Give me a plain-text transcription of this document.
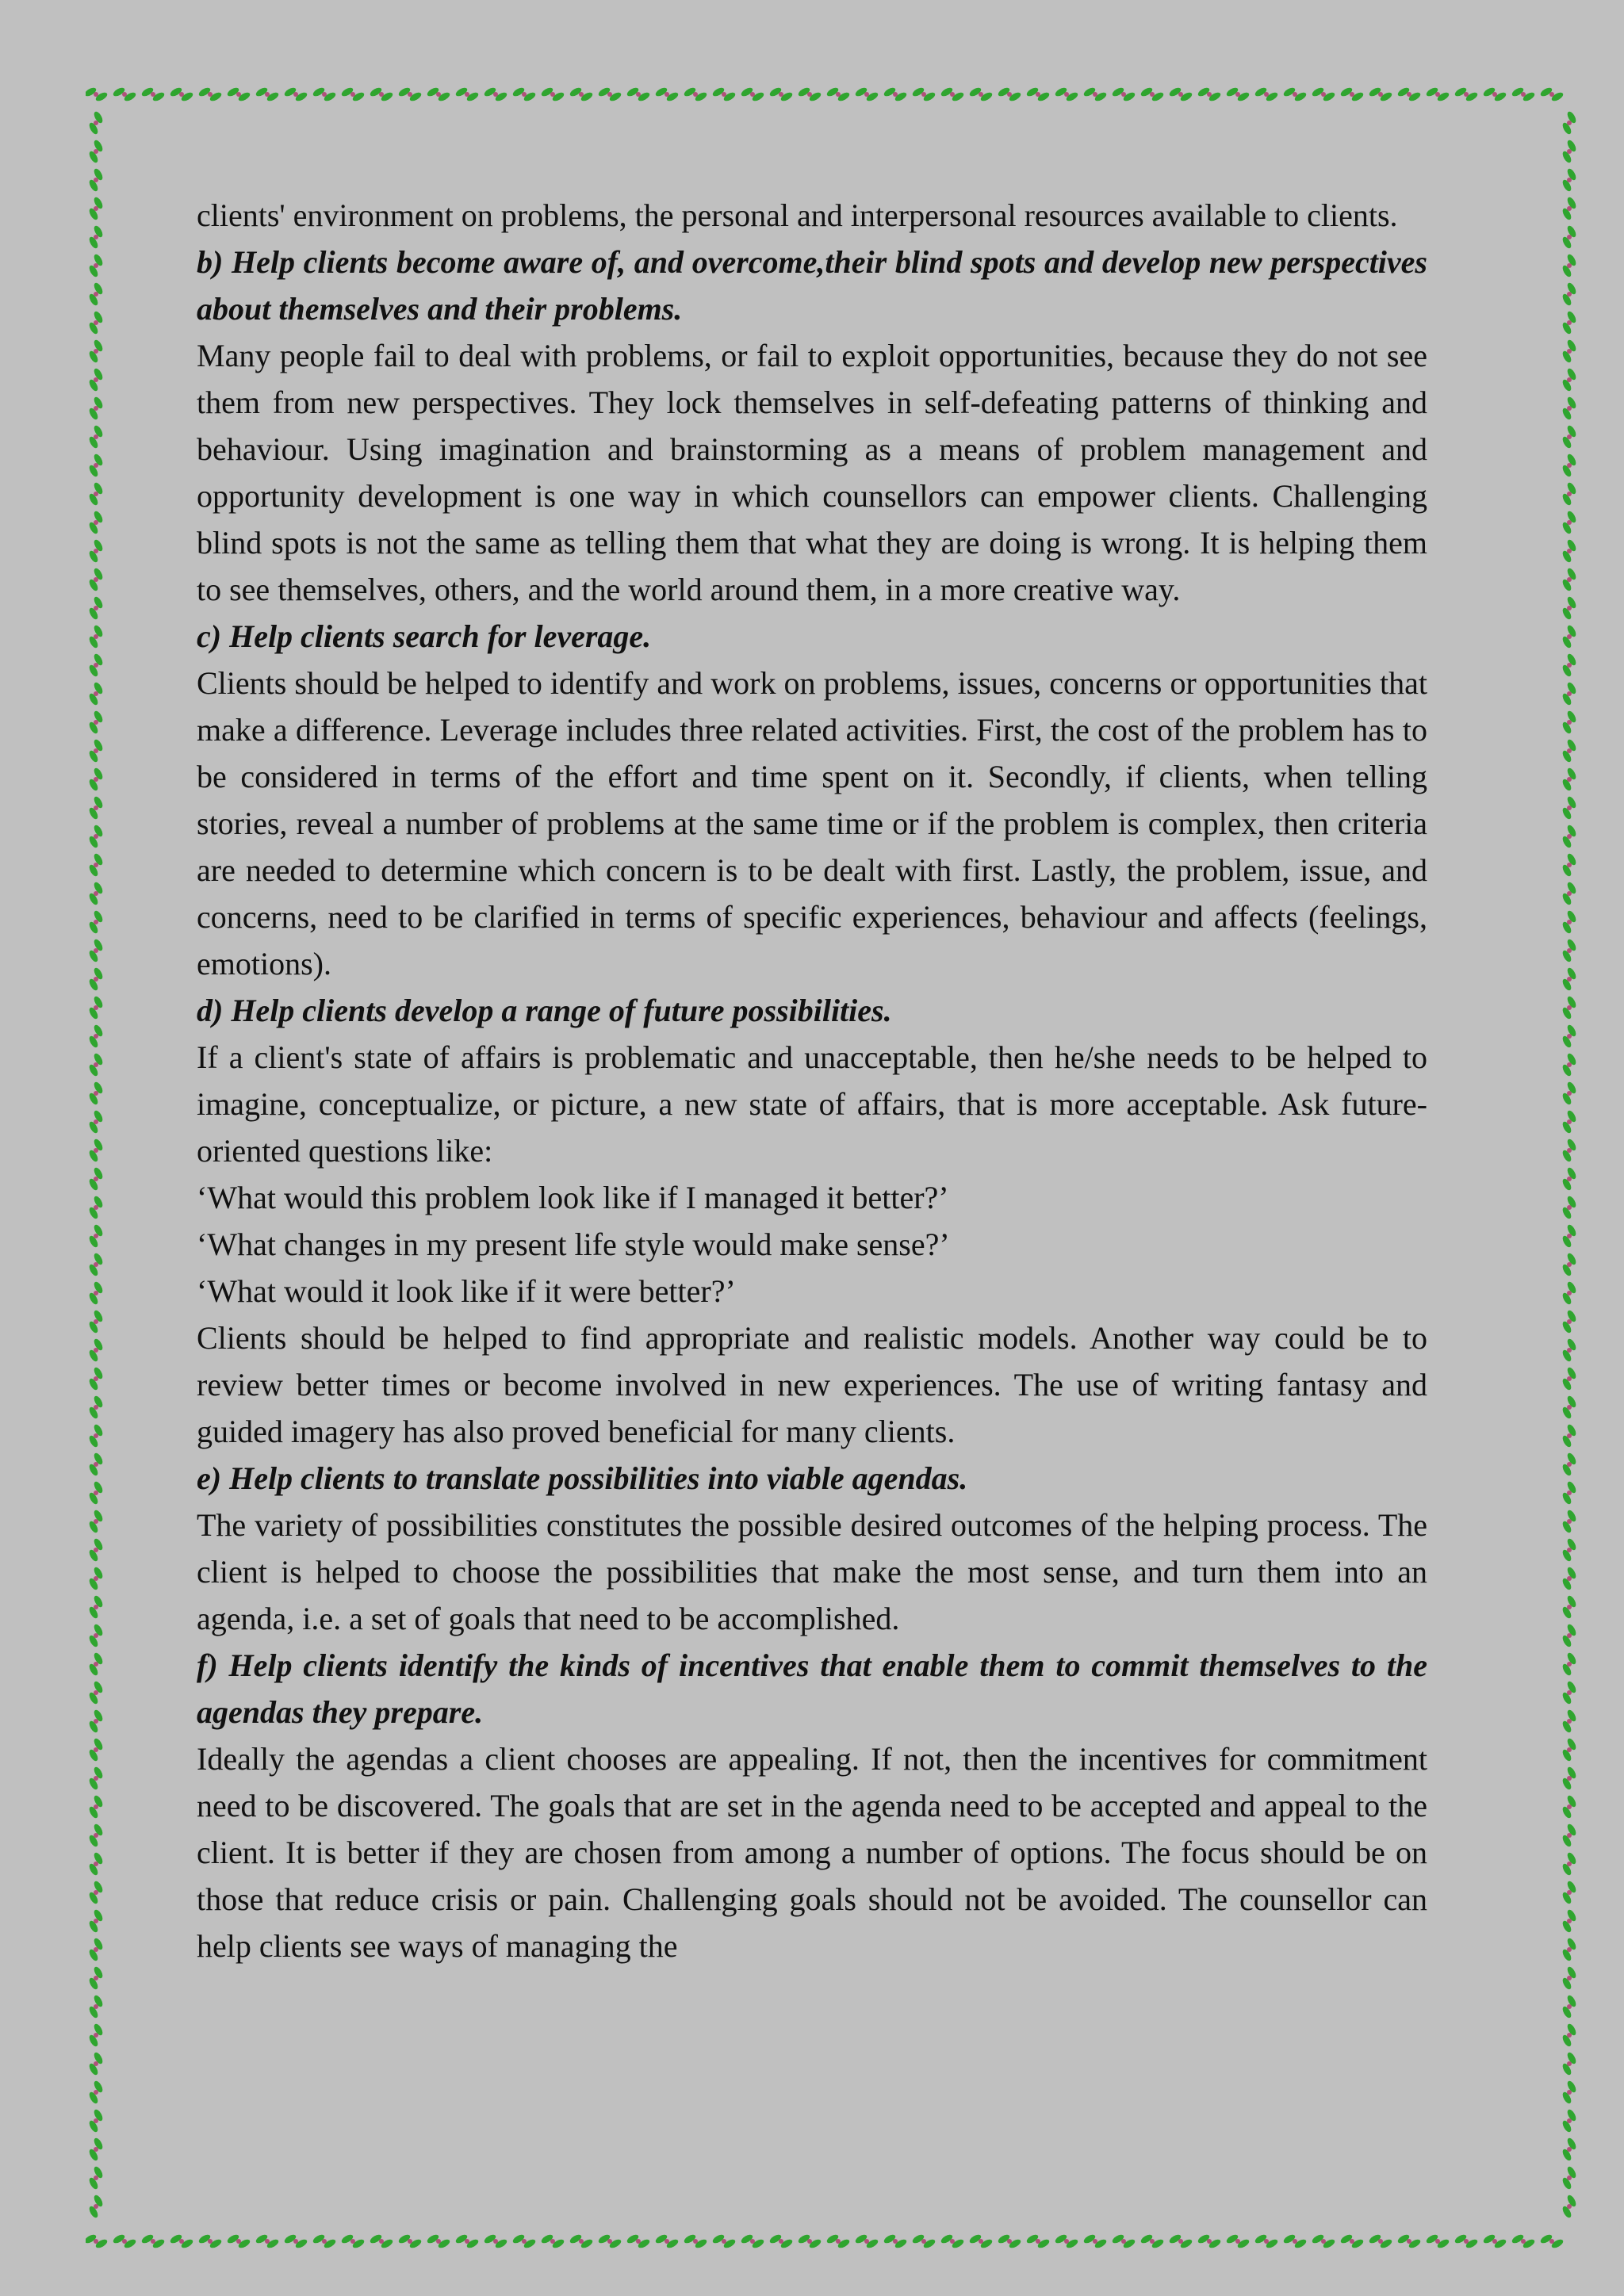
clients' environment on problems, the personal and interpersonal resources available to clients.

b) Help clients become aware of, and overcome,their blind spots and develop new perspectives about themselves and their problems.

Many people fail to deal with problems, or fail to exploit opportunities, because they do not see them from new perspectives. They lock themselves in self-defeating patterns of thinking and behaviour. Using imagination and brainstorming as a means of problem management and opportunity development is one way in which counsellors can empower clients. Challenging blind spots is not the same as telling them that what they are doing is wrong. It is helping them to see themselves, others, and the world around them, in a more creative way.

c) Help clients search for leverage.

Clients should be helped to identify and work on problems, issues, concerns or opportunities that make a difference. Leverage includes three related activities. First, the cost of the problem has to be considered in terms of the effort and time spent on it. Secondly, if clients, when telling stories, reveal a number of problems at the same time or if the problem is complex, then criteria are needed to determine which concern is to be dealt with first. Lastly, the problem, issue, and concerns, need to be clarified in terms of specific experiences, behaviour and affects (feelings, emotions).

d) Help clients develop a range of future possibilities.

If a client's state of affairs is problematic and unacceptable, then he/she needs to be helped to imagine, conceptualize, or picture, a new state of affairs, that is more acceptable. Ask future-oriented questions like:

‘What would this problem look like if I managed it better?’

‘What changes in my present life style would make sense?’

‘What would it look like if it were better?’

Clients should be helped to find appropriate and realistic models. Another way could be to review better times or become involved in new experiences. The use of writing fantasy and guided imagery has also proved beneficial for many clients.

e) Help clients to translate possibilities into viable agendas.

The variety of possibilities constitutes the possible desired outcomes of the helping process. The client is helped to choose the possibilities that make the most sense, and turn them into an agenda, i.e. a set of goals that need to be accomplished.

f) Help clients identify the kinds of incentives that enable them to commit themselves to the agendas they prepare.

Ideally the agendas a client chooses are appealing. If not, then the incentives for commitment need to be discovered. The goals that are set in the agenda need to be accepted and appeal to the client. It is better if they are chosen from among a number of options. The focus should be on those that reduce crisis or pain. Challenging goals should not be avoided. The counsellor can help clients see ways of managing the
